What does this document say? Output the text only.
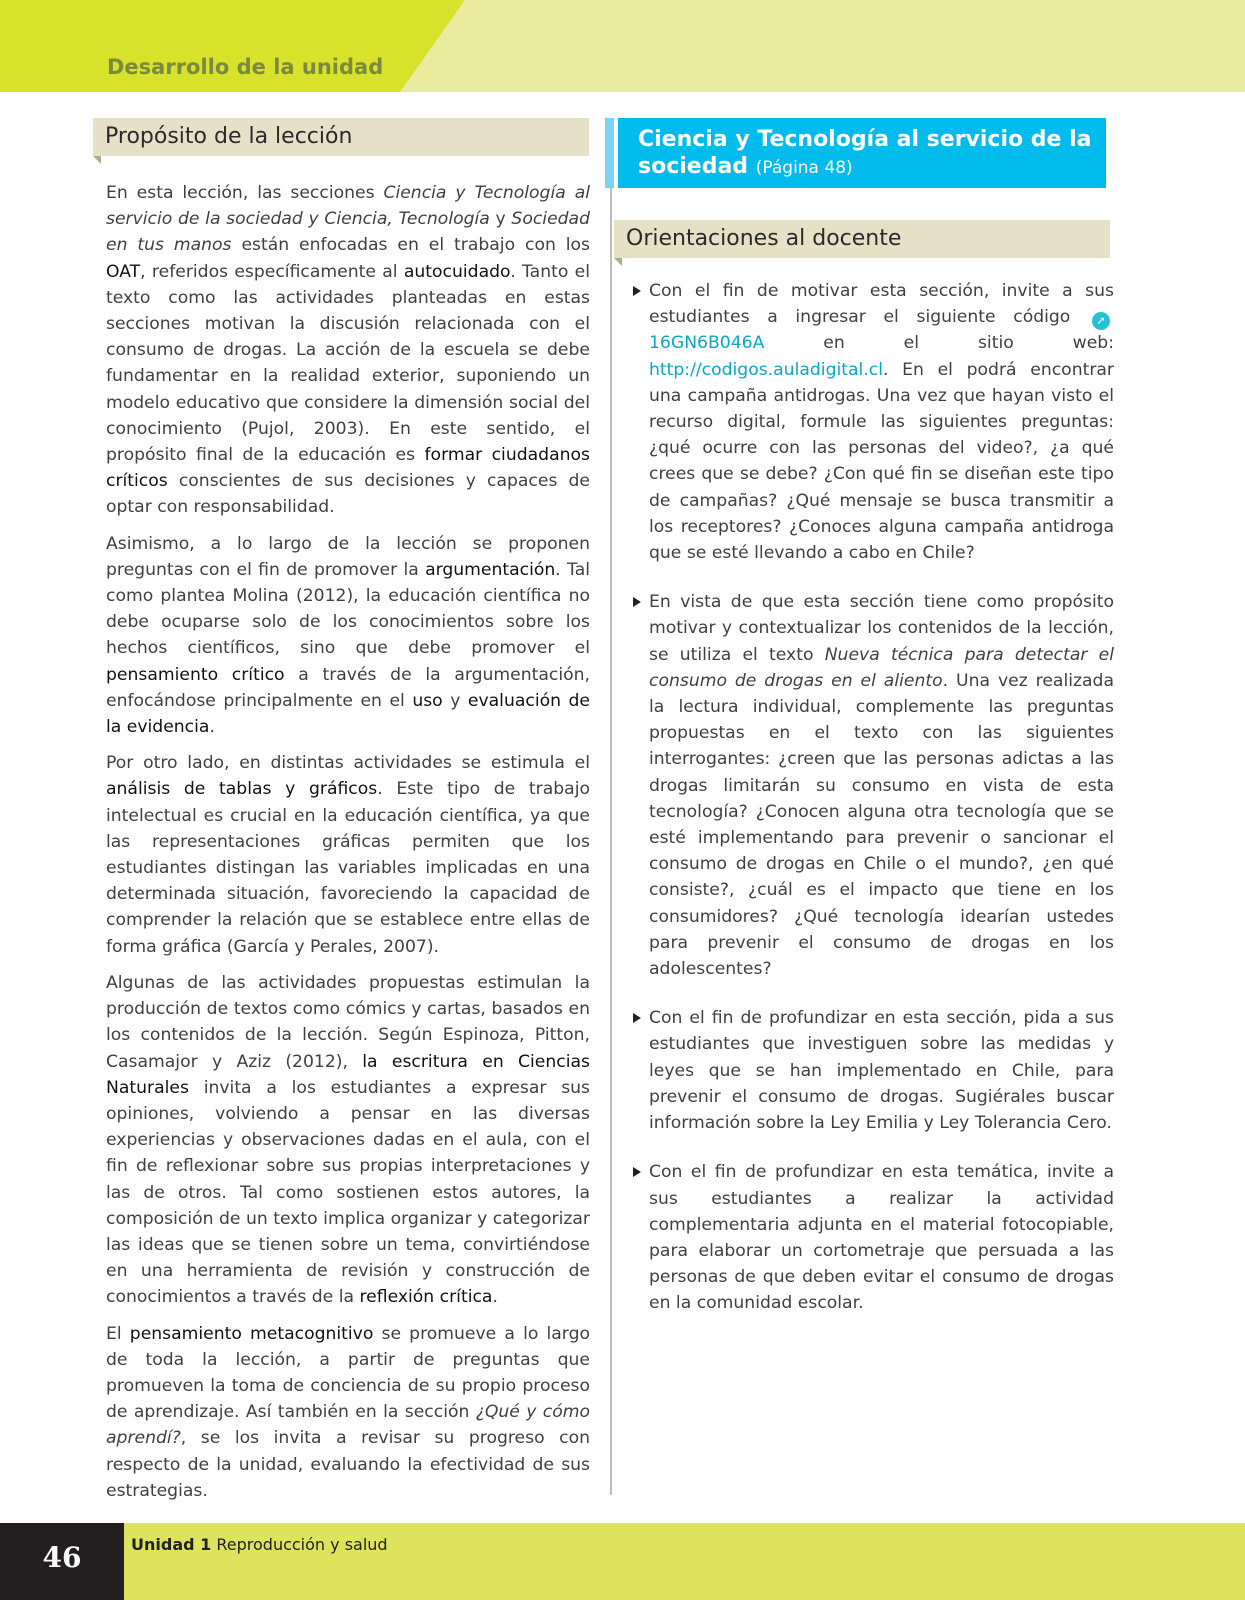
Desarrollo de la unidad
Propósito de la lección

En esta lección, las secciones Ciencia y Tecnología al servicio de la sociedad y Ciencia, Tecnología y Sociedad en tus manos están enfocadas en el trabajo con los OAT, referidos específicamente al autocuidado. Tanto el texto como las actividades planteadas en estas secciones motivan la discusión relacionada con el consumo de drogas. La acción de la escuela se debe fundamentar en la realidad exterior, suponiendo un modelo educativo que considere la dimensión social del conocimiento (Pujol, 2003). En este sentido, el propósito final de la educación es formar ciudadanos críticos conscientes de sus decisiones y capaces de optar con responsabilidad.

Asimismo, a lo largo de la lección se proponen preguntas con el fin de promover la argumentación. Tal como plantea Molina (2012), la educación científica no debe ocuparse solo de los conocimientos sobre los hechos científicos, sino que debe promover el pensamiento crítico a través de la argumentación, enfocándose principalmente en el uso y evaluación de la evidencia.

Por otro lado, en distintas actividades se estimula el análisis de tablas y gráficos. Este tipo de trabajo intelectual es crucial en la educación científica, ya que las representaciones gráficas permiten que los estudiantes distingan las variables implicadas en una determinada situación, favoreciendo la capacidad de comprender la relación que se establece entre ellas de forma gráfica (García y Perales, 2007).

Algunas de las actividades propuestas estimulan la producción de textos como cómics y cartas, basados en los contenidos de la lección. Según Espinoza, Pitton, Casamajor y Aziz (2012), la escritura en Ciencias Naturales invita a los estudiantes a expresar sus opiniones, volviendo a pensar en las diversas experiencias y observaciones dadas en el aula, con el fin de reflexionar sobre sus propias interpretaciones y las de otros. Tal como sostienen estos autores, la composición de un texto implica organizar y categorizar las ideas que se tienen sobre un tema, convirtiéndose en una herramienta de revisión y construcción de conocimientos a través de la reflexión crítica.

El pensamiento metacognitivo se promueve a lo largo de toda la lección, a partir de preguntas que promueven la toma de conciencia de su propio proceso de aprendizaje. Así también en la sección ¿Qué y cómo aprendí?, se los invita a revisar su progreso con respecto de la unidad, evaluando la efectividad de sus estrategias.

Ciencia y Tecnología al servicio de la sociedad (Página 48)
Orientaciones al docente
Con el fin de motivar esta sección, invite a sus estudiantes a ingresar el siguiente código ➚16GN6B046A en el sitio web: http://codigos.auladigital.cl. En el podrá encontrar una campaña antidrogas. Una vez que hayan visto el recurso digital, formule las siguientes preguntas: ¿qué ocurre con las personas del video?, ¿a qué crees que se debe? ¿Con qué fin se diseñan este tipo de campañas? ¿Qué mensaje se busca transmitir a los receptores? ¿Conoces alguna campaña antidroga que se esté llevando a cabo en Chile?
En vista de que esta sección tiene como propósito motivar y contextualizar los contenidos de la lección, se utiliza el texto Nueva técnica para detectar el consumo de drogas en el aliento. Una vez realizada la lectura individual, complemente las preguntas propuestas en el texto con las siguientes interrogantes: ¿creen que las personas adictas a las drogas limitarán su consumo en vista de esta tecnología? ¿Conocen alguna otra tecnología que se esté implementando para prevenir o sancionar el consumo de drogas en Chile o el mundo?, ¿en qué consiste?, ¿cuál es el impacto que tiene en los consumidores? ¿Qué tecnología idearían ustedes para prevenir el consumo de drogas en los adolescentes?
Con el fin de profundizar en esta sección, pida a sus estudiantes que investiguen sobre las medidas y leyes que se han implementado en Chile, para prevenir el consumo de drogas. Sugiérales buscar información sobre la Ley Emilia y Ley Tolerancia Cero.
Con el fin de profundizar en esta temática, invite a sus estudiantes a realizar la actividad complementaria adjunta en el material fotocopiable, para elaborar un cortometraje que persuada a las personas de que deben evitar el consumo de drogas en la comunidad escolar.
46	Unidad 1 Reproducción y salud
